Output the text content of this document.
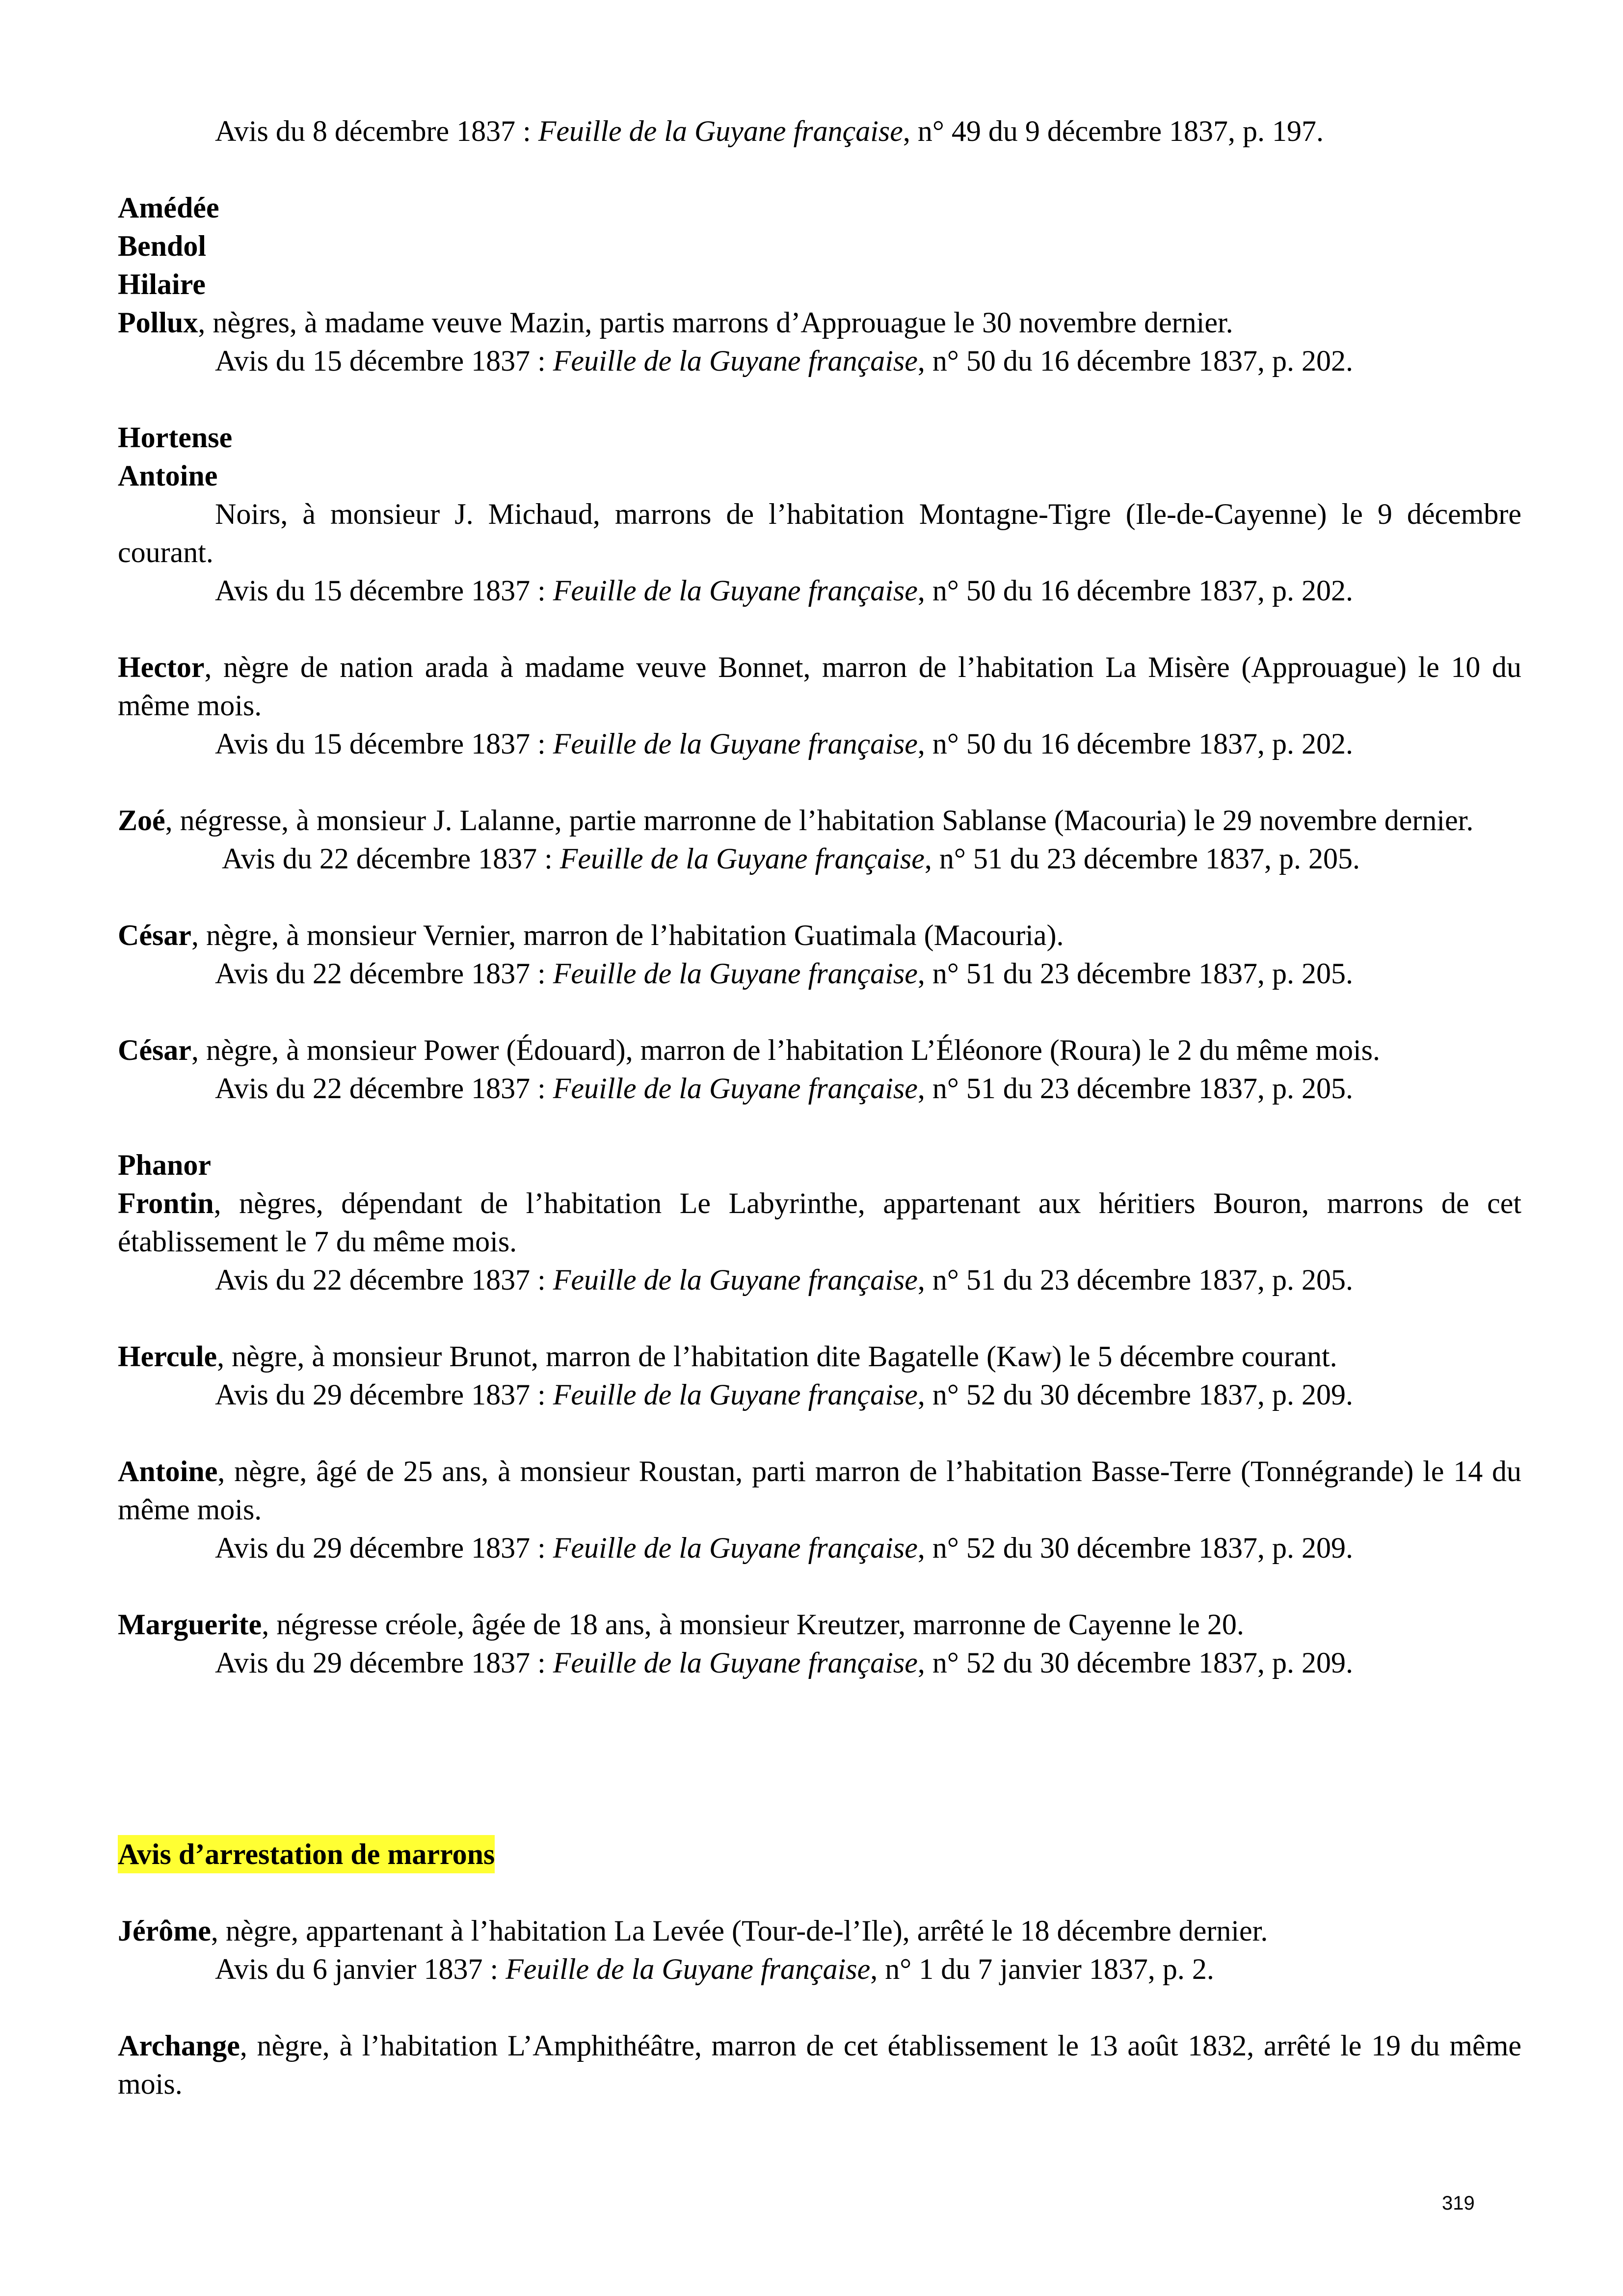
Avis du 8 décembre 1837 : Feuille de la Guyane française, n° 49 du 9 décembre 1837, p. 197.
Amédée
Bendol
Hilaire
Pollux, nègres, à madame veuve Mazin, partis marrons d’Approuague le 30 novembre dernier.
Avis du 15 décembre 1837 : Feuille de la Guyane française, n° 50 du 16 décembre 1837, p. 202.
Hortense
Antoine
Noirs, à monsieur J. Michaud, marrons de l’habitation Montagne-Tigre (Ile-de-Cayenne) le 9 décembre courant.
Avis du 15 décembre 1837 : Feuille de la Guyane française, n° 50 du 16 décembre 1837, p. 202.
Hector, nègre de nation arada à madame veuve Bonnet, marron de l’habitation La Misère (Approuague) le 10 du même mois.
Avis du 15 décembre 1837 : Feuille de la Guyane française, n° 50 du 16 décembre 1837, p. 202.
Zoé, négresse, à monsieur J. Lalanne, partie marronne de l’habitation Sablanse (Macouria) le 29 novembre dernier.
Avis du 22 décembre 1837 : Feuille de la Guyane française, n° 51 du 23 décembre 1837, p. 205.
César, nègre, à monsieur Vernier, marron de l’habitation Guatimala (Macouria).
Avis du 22 décembre 1837 : Feuille de la Guyane française, n° 51 du 23 décembre 1837, p. 205.
César, nègre, à monsieur Power (Édouard), marron de l’habitation L’Éléonore (Roura) le 2 du même mois.
Avis du 22 décembre 1837 : Feuille de la Guyane française, n° 51 du 23 décembre 1837, p. 205.
Phanor
Frontin, nègres, dépendant de l’habitation Le Labyrinthe, appartenant aux héritiers Bouron, marrons de cet établissement le 7 du même mois.
Avis du 22 décembre 1837 : Feuille de la Guyane française, n° 51 du 23 décembre 1837, p. 205.
Hercule, nègre, à monsieur Brunot, marron de l’habitation dite Bagatelle (Kaw) le 5 décembre courant.
Avis du 29 décembre 1837 : Feuille de la Guyane française, n° 52 du 30 décembre 1837, p. 209.
Antoine, nègre, âgé de 25 ans, à monsieur Roustan, parti marron de l’habitation Basse-Terre (Tonnégrande) le 14 du même mois.
Avis du 29 décembre 1837 : Feuille de la Guyane française, n° 52 du 30 décembre 1837, p. 209.
Marguerite, négresse créole, âgée de 18 ans, à monsieur Kreutzer, marronne de Cayenne le 20.
Avis du 29 décembre 1837 : Feuille de la Guyane française, n° 52 du 30 décembre 1837, p. 209.
Avis d’arrestation de marrons
Jérôme, nègre, appartenant à l’habitation La Levée (Tour-de-l’Ile), arrêté le 18 décembre dernier.
Avis du 6 janvier 1837 : Feuille de la Guyane française, n° 1 du 7 janvier 1837, p. 2.
Archange, nègre, à l’habitation L’Amphithéâtre, marron de cet établissement le 13 août 1832, arrêté le 19 du même mois.
319
